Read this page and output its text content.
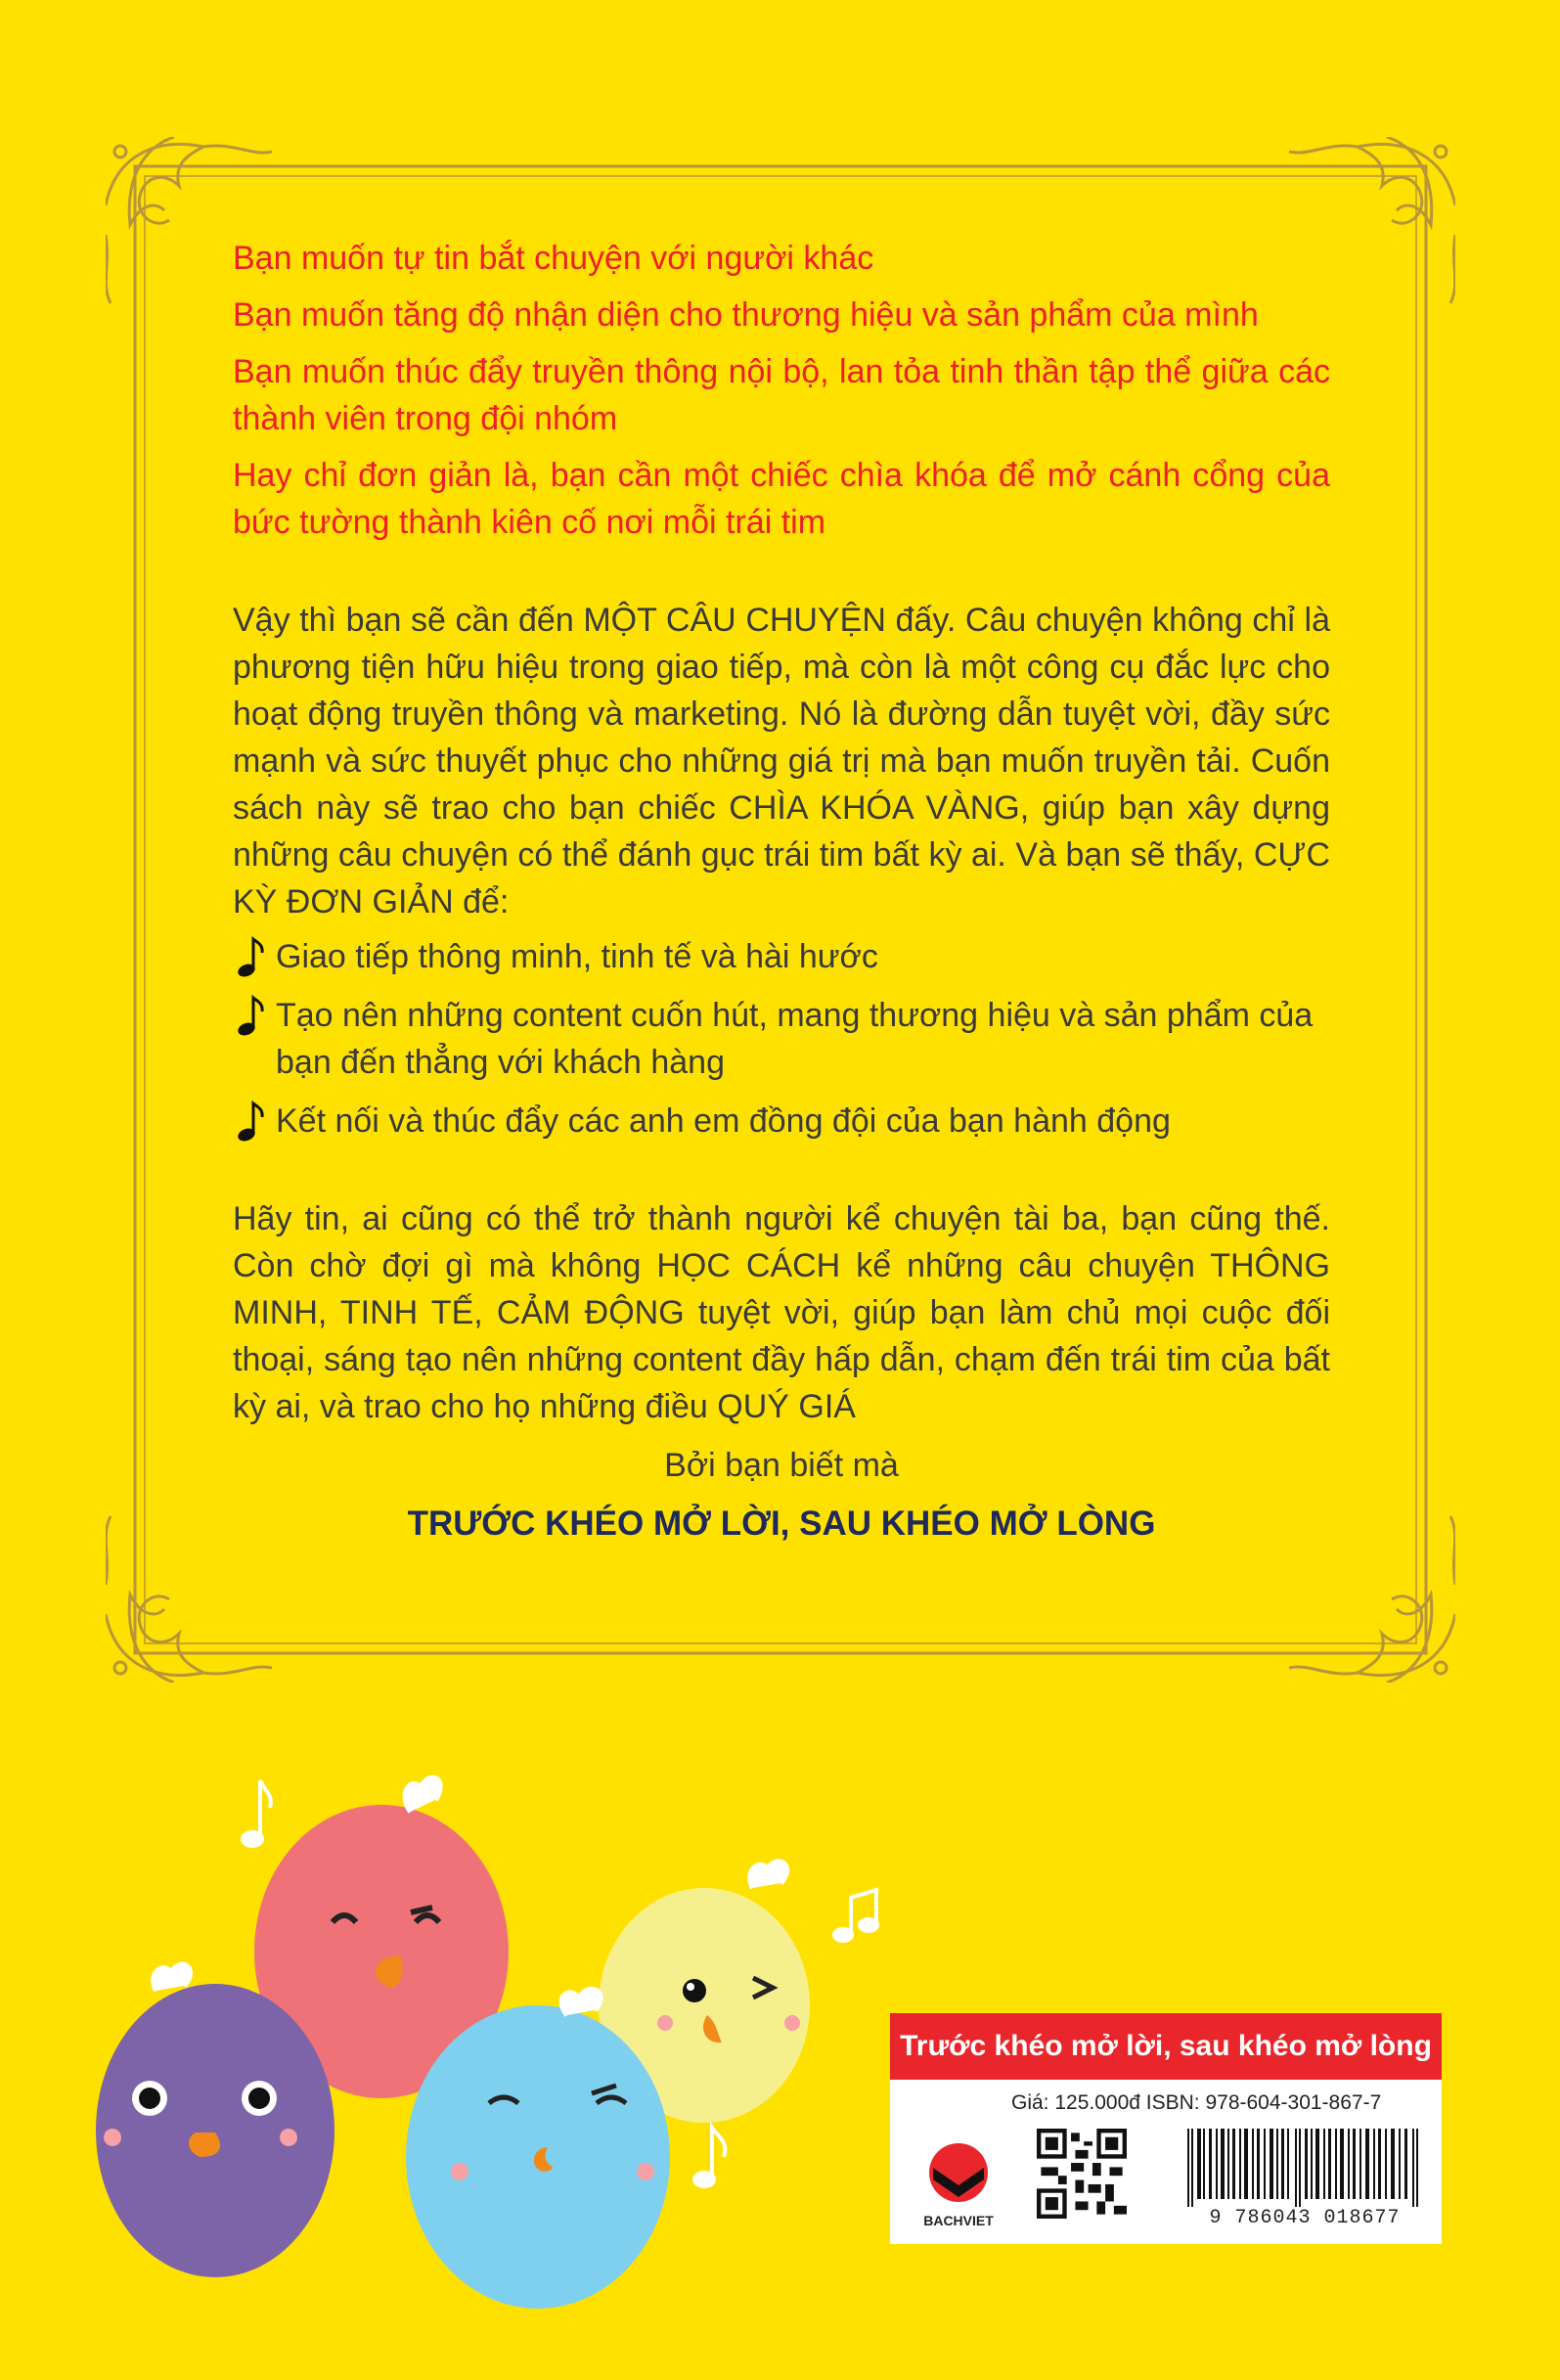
Bạn muốn tự tin bắt chuyện với người khác

Bạn muốn tăng độ nhận diện cho thương hiệu và sản phẩm của mình

Bạn muốn thúc đẩy truyền thông nội bộ, lan tỏa tinh thần tập thể giữa các thành viên trong đội nhóm

Hay chỉ đơn giản là, bạn cần một chiếc chìa khóa để mở cánh cổng của bức tường thành kiên cố nơi mỗi trái tim

Vậy thì bạn sẽ cần đến MỘT CÂU CHUYỆN đấy. Câu chuyện không chỉ là phương tiện hữu hiệu trong giao tiếp, mà còn là một công cụ đắc lực cho hoạt động truyền thông và marketing. Nó là đường dẫn tuyệt vời, đầy sức mạnh và sức thuyết phục cho những giá trị mà bạn muốn truyền tải. Cuốn sách này sẽ trao cho bạn chiếc CHÌA KHÓA VÀNG, giúp bạn xây dựng những câu chuyện có thể đánh gục trái tim bất kỳ ai. Và bạn sẽ thấy, CỰC KỲ ĐƠN GIẢN để:

Giao tiếp thông minh, tinh tế và hài hước
Tạo nên những content cuốn hút, mang thương hiệu và sản phẩm của bạn đến thẳng với khách hàng
Kết nối và thúc đẩy các anh em đồng đội của bạn hành động

Hãy tin, ai cũng có thể trở thành người kể chuyện tài ba, bạn cũng thế. Còn chờ đợi gì mà không HỌC CÁCH kể những câu chuyện THÔNG MINH, TINH TẾ, CẢM ĐỘNG tuyệt vời, giúp bạn làm chủ mọi cuộc đối thoại, sáng tạo nên những content đầy hấp dẫn, chạm đến trái tim của bất kỳ ai, và trao cho họ những điều QUÝ GIÁ

Bởi bạn biết mà
TRƯỚC KHÉO MỞ LỜI, SAU KHÉO MỞ LÒNG
Trước khéo mở lời, sau khéo mở lòng
Giá: 125.000đ ISBN: 978-604-301-867-7
BACHVIET	9 786043 018677
